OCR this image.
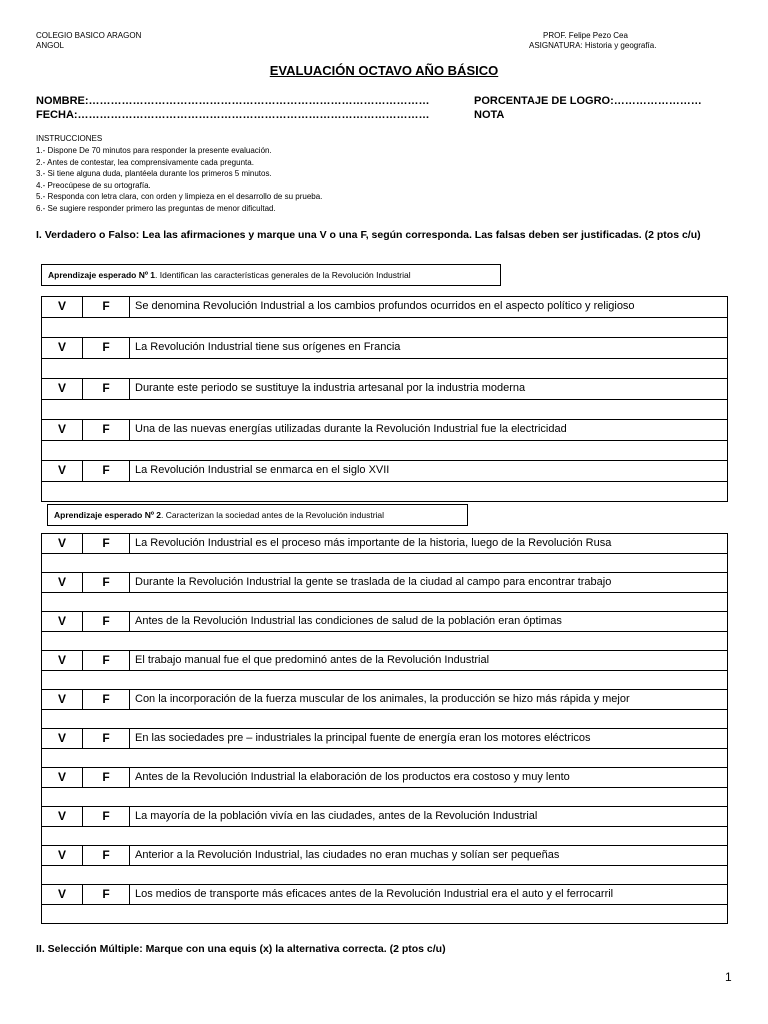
COLEGIO BASICO ARAGON
ANGOL
PROF. Felipe Pezo Cea
ASIGNATURA: Historia y geografía.
EVALUACIÓN OCTAVO AÑO BÁSICO
NOMBRE:…………………………………………………………………………………
FECHA:……………………………………………………………………………………
PORCENTAJE DE LOGRO:……………………
NOTA
INSTRUCCIONES
1.- Dispone De 70 minutos para responder la presente evaluación.
2.- Antes de contestar, lea comprensivamente cada pregunta.
3.- Si tiene alguna duda, plantéela durante los primeros 5 minutos.
4.- Preocúpese de su ortografía.
5.- Responda con letra clara, con orden y limpieza en el desarrollo de su prueba.
6.- Se sugiere responder primero las preguntas de menor dificultad.
I. Verdadero o Falso: Lea las afirmaciones y marque una V o una F, según corresponda. Las falsas deben ser justificadas. (2 ptos c/u)
Aprendizaje esperado Nº 1. Identifican las características generales de la Revolución Industrial
V	F	Se denomina Revolución Industrial a los cambios profundos ocurridos en el aspecto político y religioso

V	F	La Revolución Industrial tiene sus orígenes en Francia

V	F	Durante este periodo se sustituye la industria artesanal por la industria moderna

V	F	Una de las nuevas energías utilizadas durante la Revolución Industrial fue la electricidad

V	F	La Revolución Industrial se enmarca en el siglo XVII

Aprendizaje esperado Nº 2. Caracterizan la sociedad antes de la Revolución industrial
V	F	La Revolución Industrial es el proceso más importante de la historia, luego de la Revolución Rusa

V	F	Durante la Revolución Industrial la gente se traslada de la ciudad al campo para encontrar trabajo

V	F	Antes de la Revolución Industrial las condiciones de salud de la población eran óptimas

V	F	El trabajo manual fue el que predominó antes de la Revolución Industrial

V	F	Con la incorporación de la fuerza muscular de los animales, la producción se hizo más rápida y mejor

V	F	En las sociedades pre – industriales la principal fuente de energía eran los motores eléctricos

V	F	Antes de la Revolución Industrial la elaboración de los productos era costoso y muy lento

V	F	La mayoría de la población vivía en las ciudades, antes de la Revolución Industrial

V	F	Anterior a la Revolución Industrial, las ciudades no eran muchas y solían ser pequeñas

V	F	Los medios de transporte más eficaces antes de la Revolución Industrial era el auto y el ferrocarril

II. Selección Múltiple: Marque con una equis (x) la alternativa correcta. (2 ptos c/u)
1
